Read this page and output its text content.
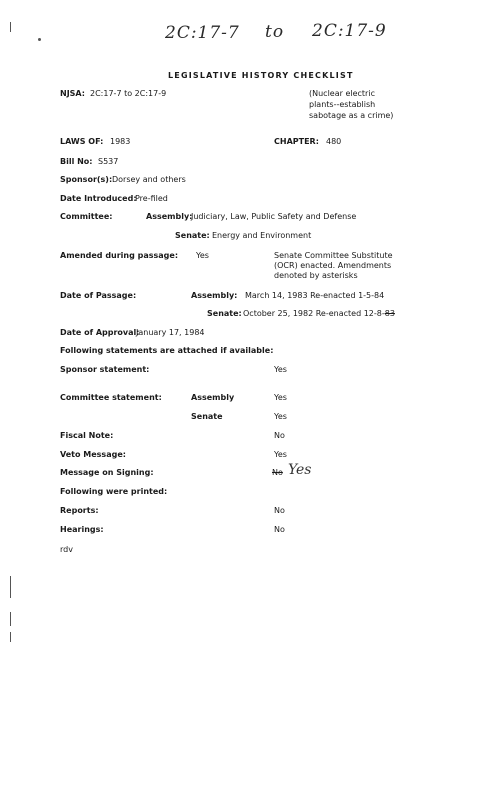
2C:17-7 to 2C:17-9
LEGISLATIVE HISTORY CHECKLIST
NJSA: 2C:17-7 to 2C:17-9	(Nuclear electric
plants--establish
sabotage as a crime)
LAWS OF: 1983	CHAPTER: 480
Bill No: S537
Sponsor(s): Dorsey and others
Date Introduced:
Pre-filed
Committee:	Assembly:
Judiciary, Law, Public Safety and Defense
Senate: Energy and Environment
Amended during passage: Yes	Senate Committee Substitute
(OCR) enacted. Amendments
denoted by asterisks
Date of Passage:	Assembly: March 14, 1983 Re-enacted 1-5-84
Senate: October 25, 1982 Re-enacted 12-8-83
Date of Approval:
January 17, 1984
Following statements are attached if available:
Sponsor statement:	Yes
Committee statement:	Assembly	Yes
Senate	Yes
Fiscal Note:	No
Veto Message:	Yes
Message on Signing:	No Yes
Following were printed:
Reports:	No
Hearings:	No
rdv
